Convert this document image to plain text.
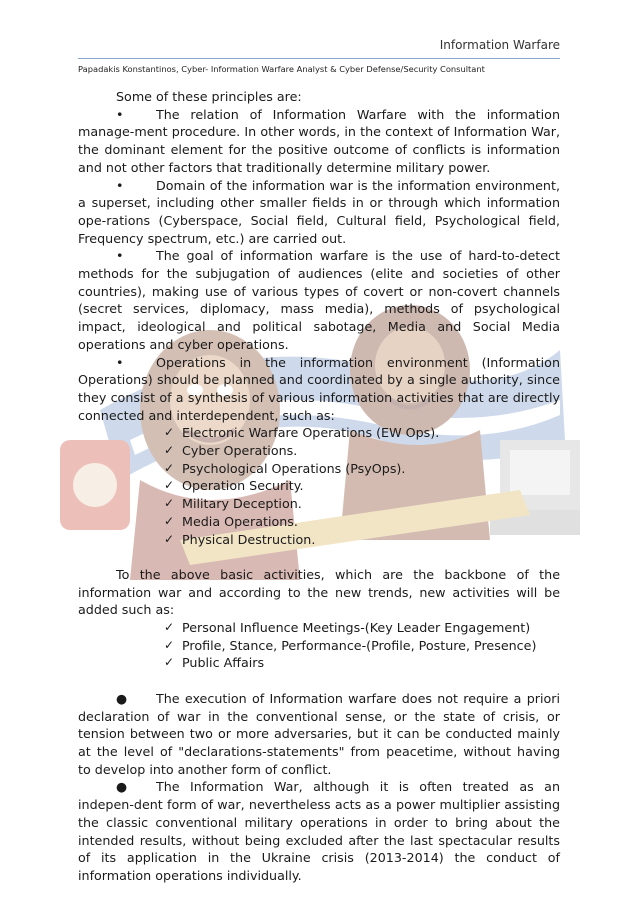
Information Warfare
Papadakis Konstantinos, Cyber- Information Warfare Analyst & Cyber Defense/Security Consultant

Some of these principles are:

•	The relation of Information Warfare with the information manage-ment procedure. In other words, in the context of Information War, the dominant element for the positive outcome of conflicts is information and not other factors that traditionally determine military power.

•	Domain of the information war is the information environment, a superset, including other smaller fields in or through which information ope-rations (Cyberspace, Social field, Cultural field, Psychological field, Frequency spectrum, etc.) are carried out.

•	The goal of information warfare is the use of hard-to-detect methods for the subjugation of audiences (elite and societies of other countries), making use of various types of covert or non-covert channels (secret services, diplomacy, mass media), methods of psychological impact, ideological and political sabotage, Media and Social Media operations and cyber operations.

•	Operations in the information environment (Information Operations) should be planned and coordinated by a single authority, since they consist of a synthesis of various information activities that are directly connected and interdependent, such as:

✓ Electronic Warfare Operations (EW Ops).

✓ Cyber Operations.

✓ Psychological Operations (PsyOps).

✓ Operation Security.

✓ Military Deception.

✓ Media Operations.

✓ Physical Destruction.

To the above basic activities, which are the backbone of the information war and according to the new trends, new activities will be added such as:

✓ Personal Influence Meetings-(Key Leader Engagement)

✓ Profile, Stance, Performance-(Profile, Posture, Presence)

✓ Public Affairs

● The execution of Information warfare does not require a priori declaration of war in the conventional sense, or the state of crisis, or tension between two or more adversaries, but it can be conducted mainly at the level of "declarations-statements" from peacetime, without having to develop into another form of conflict.

● The Information War, although it is often treated as an indepen-dent form of war, nevertheless acts as a power multiplier assisting the classic conventional military operations in order to bring about the intended results, without being excluded after the last spectacular results of its application in the Ukraine crisis (2013-2014) the conduct of information operations individually.
